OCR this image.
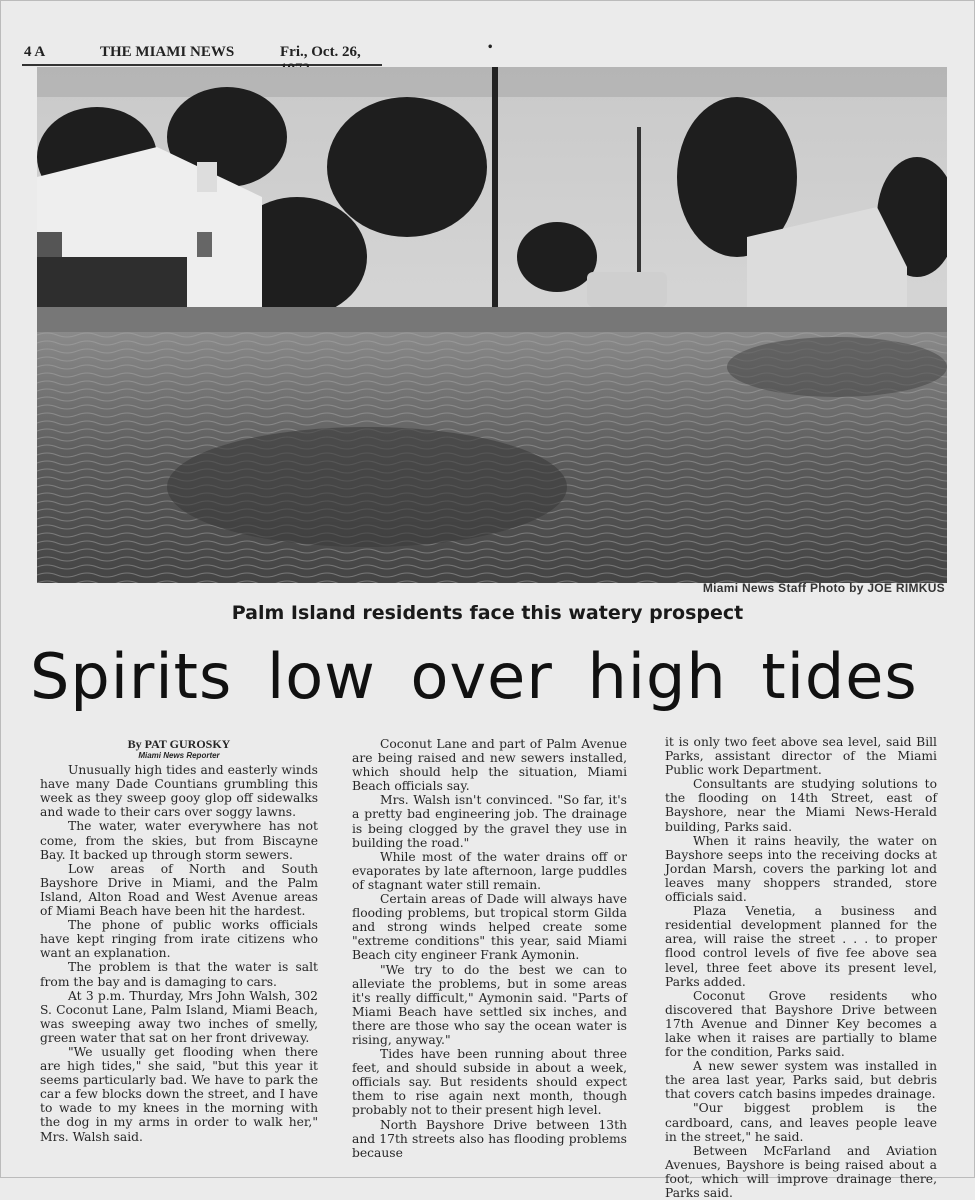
4 A	THE MIAMI NEWS	Fri., Oct. 26,	•
Miami News Staff Photo by JOE RIMKUS
Palm Island residents face this watery prospect
Spirits low over high tides
By PAT GUROSKY
Miami News Reporter

Unusually high tides and easterly winds have many Dade Countians grumbling this week as they sweep gooy glop off sidewalks and wade to their cars over soggy lawns.

The water, water everywhere has not come, from the skies, but from Biscayne Bay. It backed up through storm sewers.

Low areas of North and South Bayshore Drive in Miami, and the Palm Island, Alton Road and West Avenue areas of Miami Beach have been hit the hardest.

The phone of public works officials have kept ringing from irate citizens who want an explanation.

The problem is that the water is salt from the bay and is damaging to cars.

At 3 p.m. Thurday, Mrs John Walsh, 302 S. Coconut Lane, Palm Island, Miami Beach, was sweeping away two inches of smelly, green water that sat on her front driveway.

"We usually get flooding when there are high tides," she said, "but this year it seems particularly bad. We have to park the car a few blocks down the street, and I have to wade to my knees in the morning with the dog in my arms in order to walk her," Mrs. Walsh said.

Coconut Lane and part of Palm Avenue are being raised and new sewers installed, which should help the situation, Miami Beach officials say.

Mrs. Walsh isn't convinced. "So far, it's a pretty bad engineering job. The drainage is being clogged by the gravel they use in building the road."

While most of the water drains off or evaporates by late afternoon, large puddles of stagnant water still remain.

Certain areas of Dade will always have flooding problems, but tropical storm Gilda and strong winds helped create some "extreme conditions" this year, said Miami Beach city engineer Frank Aymonin.

"We try to do the best we can to alleviate the problems, but in some areas it's really difficult," Aymonin said. "Parts of Miami Beach have settled six inches, and there are those who say the ocean water is rising, anyway."

Tides have been running about three feet, and should subside in about a week, officials say. But residents should expect them to rise again next month, though probably not to their present high level.

North Bayshore Drive between 13th and 17th streets also has flooding problems because

it is only two feet above sea level, said Bill Parks, assistant director of the Miami Public work Department.

Consultants are studying solutions to the flooding on 14th Street, east of Bayshore, near the Miami News-Herald building, Parks said.

When it rains heavily, the water on Bayshore seeps into the receiving docks at Jordan Marsh, covers the parking lot and leaves many shoppers stranded, store officials said.

Plaza Venetia, a business and residential development planned for the area, will raise the street . . . to proper flood control levels of five fee above sea level, three feet above its present level, Parks added.

Coconut Grove residents who discovered that Bayshore Drive between 17th Avenue and Dinner Key becomes a lake when it raises are partially to blame for the condition, Parks said.

A new sewer system was installed in the area last year, Parks said, but debris that covers catch basins impedes drainage.

"Our biggest problem is the cardboard, cans, and leaves people leave in the street," he said.

Between McFarland and Aviation Avenues, Bayshore is being raised about a foot, which will improve drainage there, Parks said.
